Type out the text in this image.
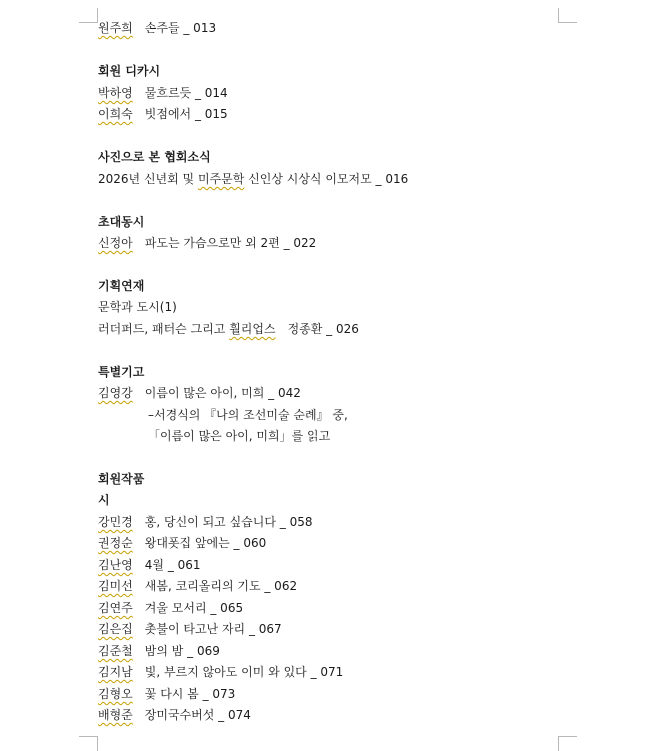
원주희　손주들 _ 013
회원 디카시
박하영　물흐르듯 _ 014
이희숙　빗점에서 _ 015
사진으로 본 협회소식
2026년 신년회 및 미주문학 신인상 시상식 이모저모 _ 016
초대동시
신정아　파도는 가슴으로만 외 2편 _ 022
기획연재
문학과 도시(1)
러더퍼드, 패터슨 그리고 훨리업스　정종환 _ 026
특별기고
김영강　이름이 많은 아이, 미희 _ 042
–서경식의 『나의 조선미술 순례』 중,
「이름이 많은 아이, 미희」를 읽고
회원작품
시
강민경　홍, 당신이 되고 싶습니다 _ 058
권정순　왕대폿집 앞에는 _ 060
김난영　4월 _ 061
김미선　새봄, 코리올리의 기도 _ 062
김연주　겨울 모서리 _ 065
김은집　촛불이 타고난 자리 _ 067
김준철　밤의 밤 _ 069
김지남　빛, 부르지 않아도 이미 와 있다 _ 071
김형오　꽃 다시 봄 _ 073
배형준　장미국수버섯 _ 074
